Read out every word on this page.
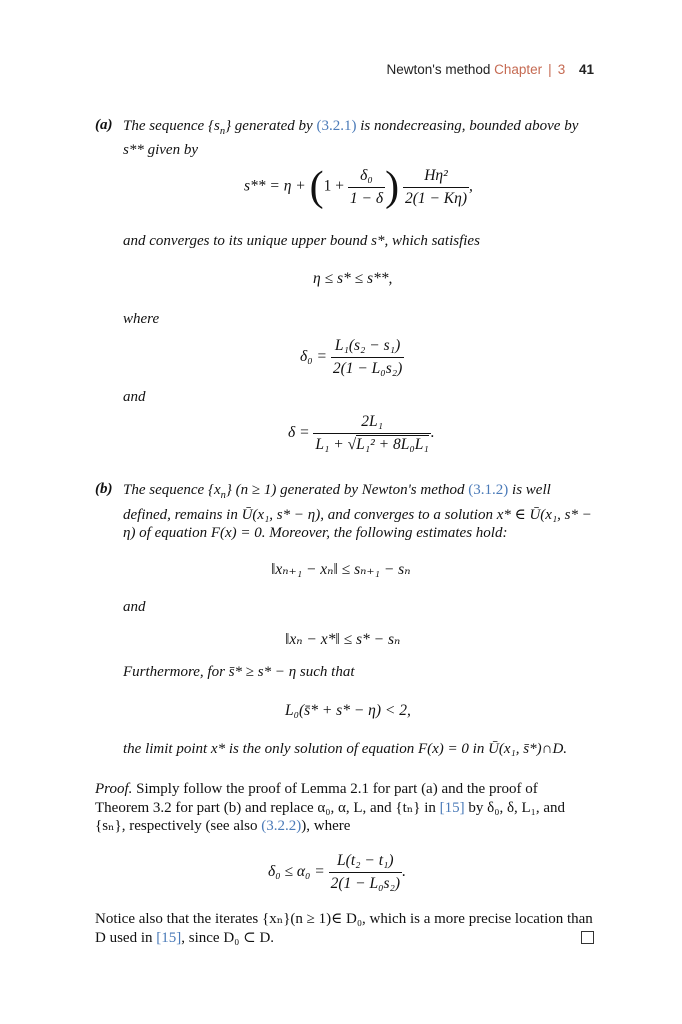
Newton's method Chapter | 3 41
(a) The sequence $\{s_n\}$ generated by (3.2.1) is nondecreasing, bounded above by s** given by
$s** = \eta + (1 + \frac{\text{δ₀}}{1 - \delta}$ ) $\frac{\text{Hη²}}{2(1 - K\eta)}$ ,
and converges to its unique upper bound s*, which satisfies
η ≤ s* ≤ s**,
where
$\delta_0 = \frac{\text{L₁(s₂ − s₁)}}{\text{2(1 − L₀s₂)}}$
and
$\delta = \frac{\text{2L₁}}{\text{L₁ + √L₁² + 8L₀L₁}}$ .
(b) The sequence $\{x_n\} (n \ge 1)$ generated by Newton's method (3.1.2) is well defined, remains in Ū(x₁, s* − η), and converges to a solution x* ∈ Ū(x₁, s* − η) of equation F(x) = 0. Moreover, the following estimates hold:
‖xₙ₊₁ − xₙ‖ ≤ sₙ₊₁ − sₙ
and
‖xₙ − x*‖ ≤ s* − sₙ
Furthermore, for s̄* ≥ s* − η such that
L₀(s̄* + s* − η) < 2,
the limit point x* is the only solution of equation F(x) = 0 in Ū(x₁, s̄*)∩D.
Proof. Simply follow the proof of Lemma 2.1 for part (a) and the proof of Theorem 3.2 for part (b) and replace α₀, α, L, and {tₙ} in [15] by δ₀, δ, L₁, and {sₙ}, respectively (see also (3.2.2)), where
$\delta_0 \le \alpha_0 = \frac{\text{L(t₂ − t₁)}}{\text{2(1 − L₀s₂)}}$ .
Notice also that the iterates {xₙ}(n ≥ 1)∈ D₀, which is a more precise location than D used in [15], since D₀ ⊂ D.
